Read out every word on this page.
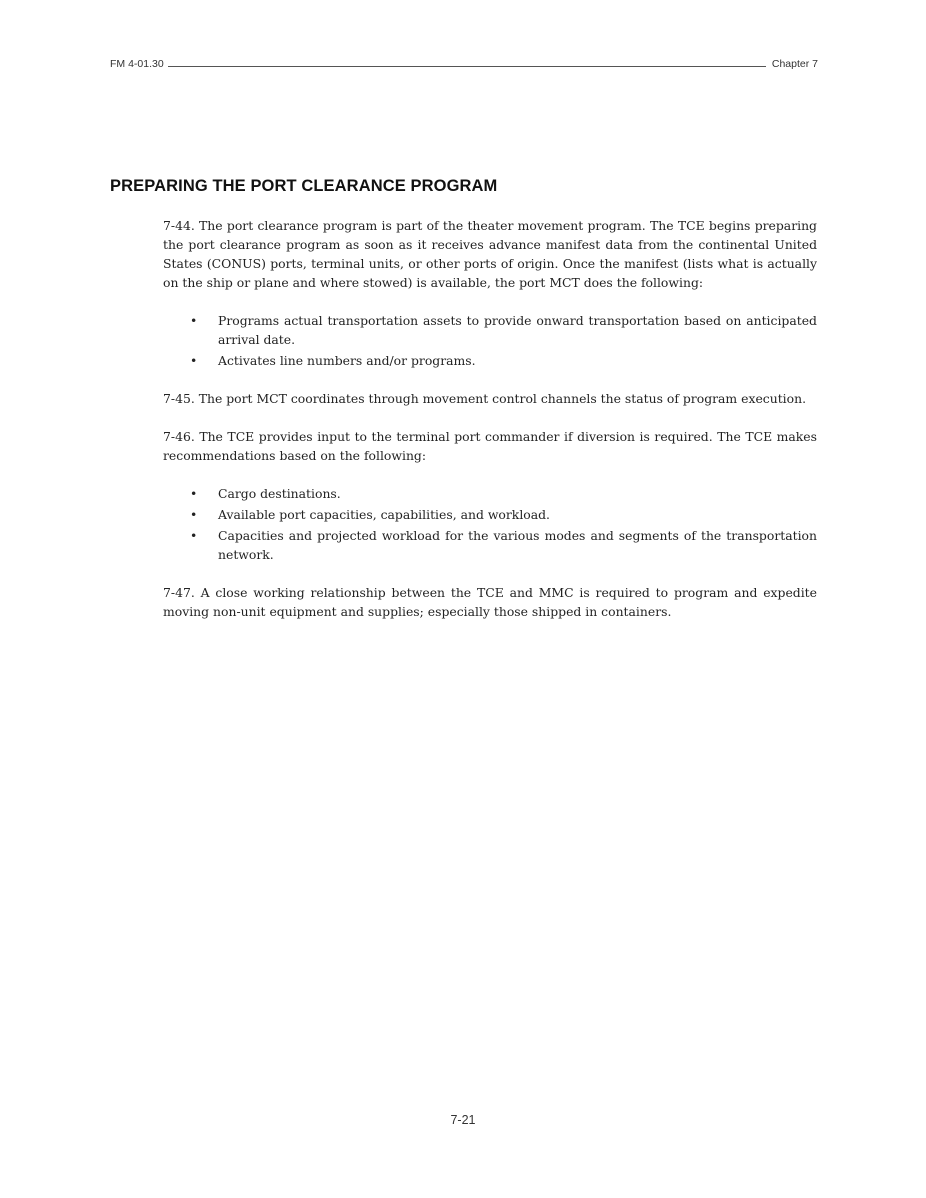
FM 4-01.30	Chapter 7
PREPARING THE PORT CLEARANCE PROGRAM

7-44. The port clearance program is part of the theater movement program. The TCE begins preparing the port clearance program as soon as it receives advance manifest data from the continental United States (CONUS) ports, terminal units, or other ports of origin. Once the manifest (lists what is actually on the ship or plane and where stowed) is available, the port MCT does the following:

• Programs actual transportation assets to provide onward transportation based on anticipated arrival date.
• Activates line numbers and/or programs.

7-45. The port MCT coordinates through movement control channels the status of program execution.

7-46. The TCE provides input to the terminal port commander if diversion is required. The TCE makes recommendations based on the following:

• Cargo destinations.
• Available port capacities, capabilities, and workload.
• Capacities and projected workload for the various modes and segments of the transportation network.

7-47. A close working relationship between the TCE and MMC is required to program and expedite moving non-unit equipment and supplies; especially those shipped in containers.

7-21
